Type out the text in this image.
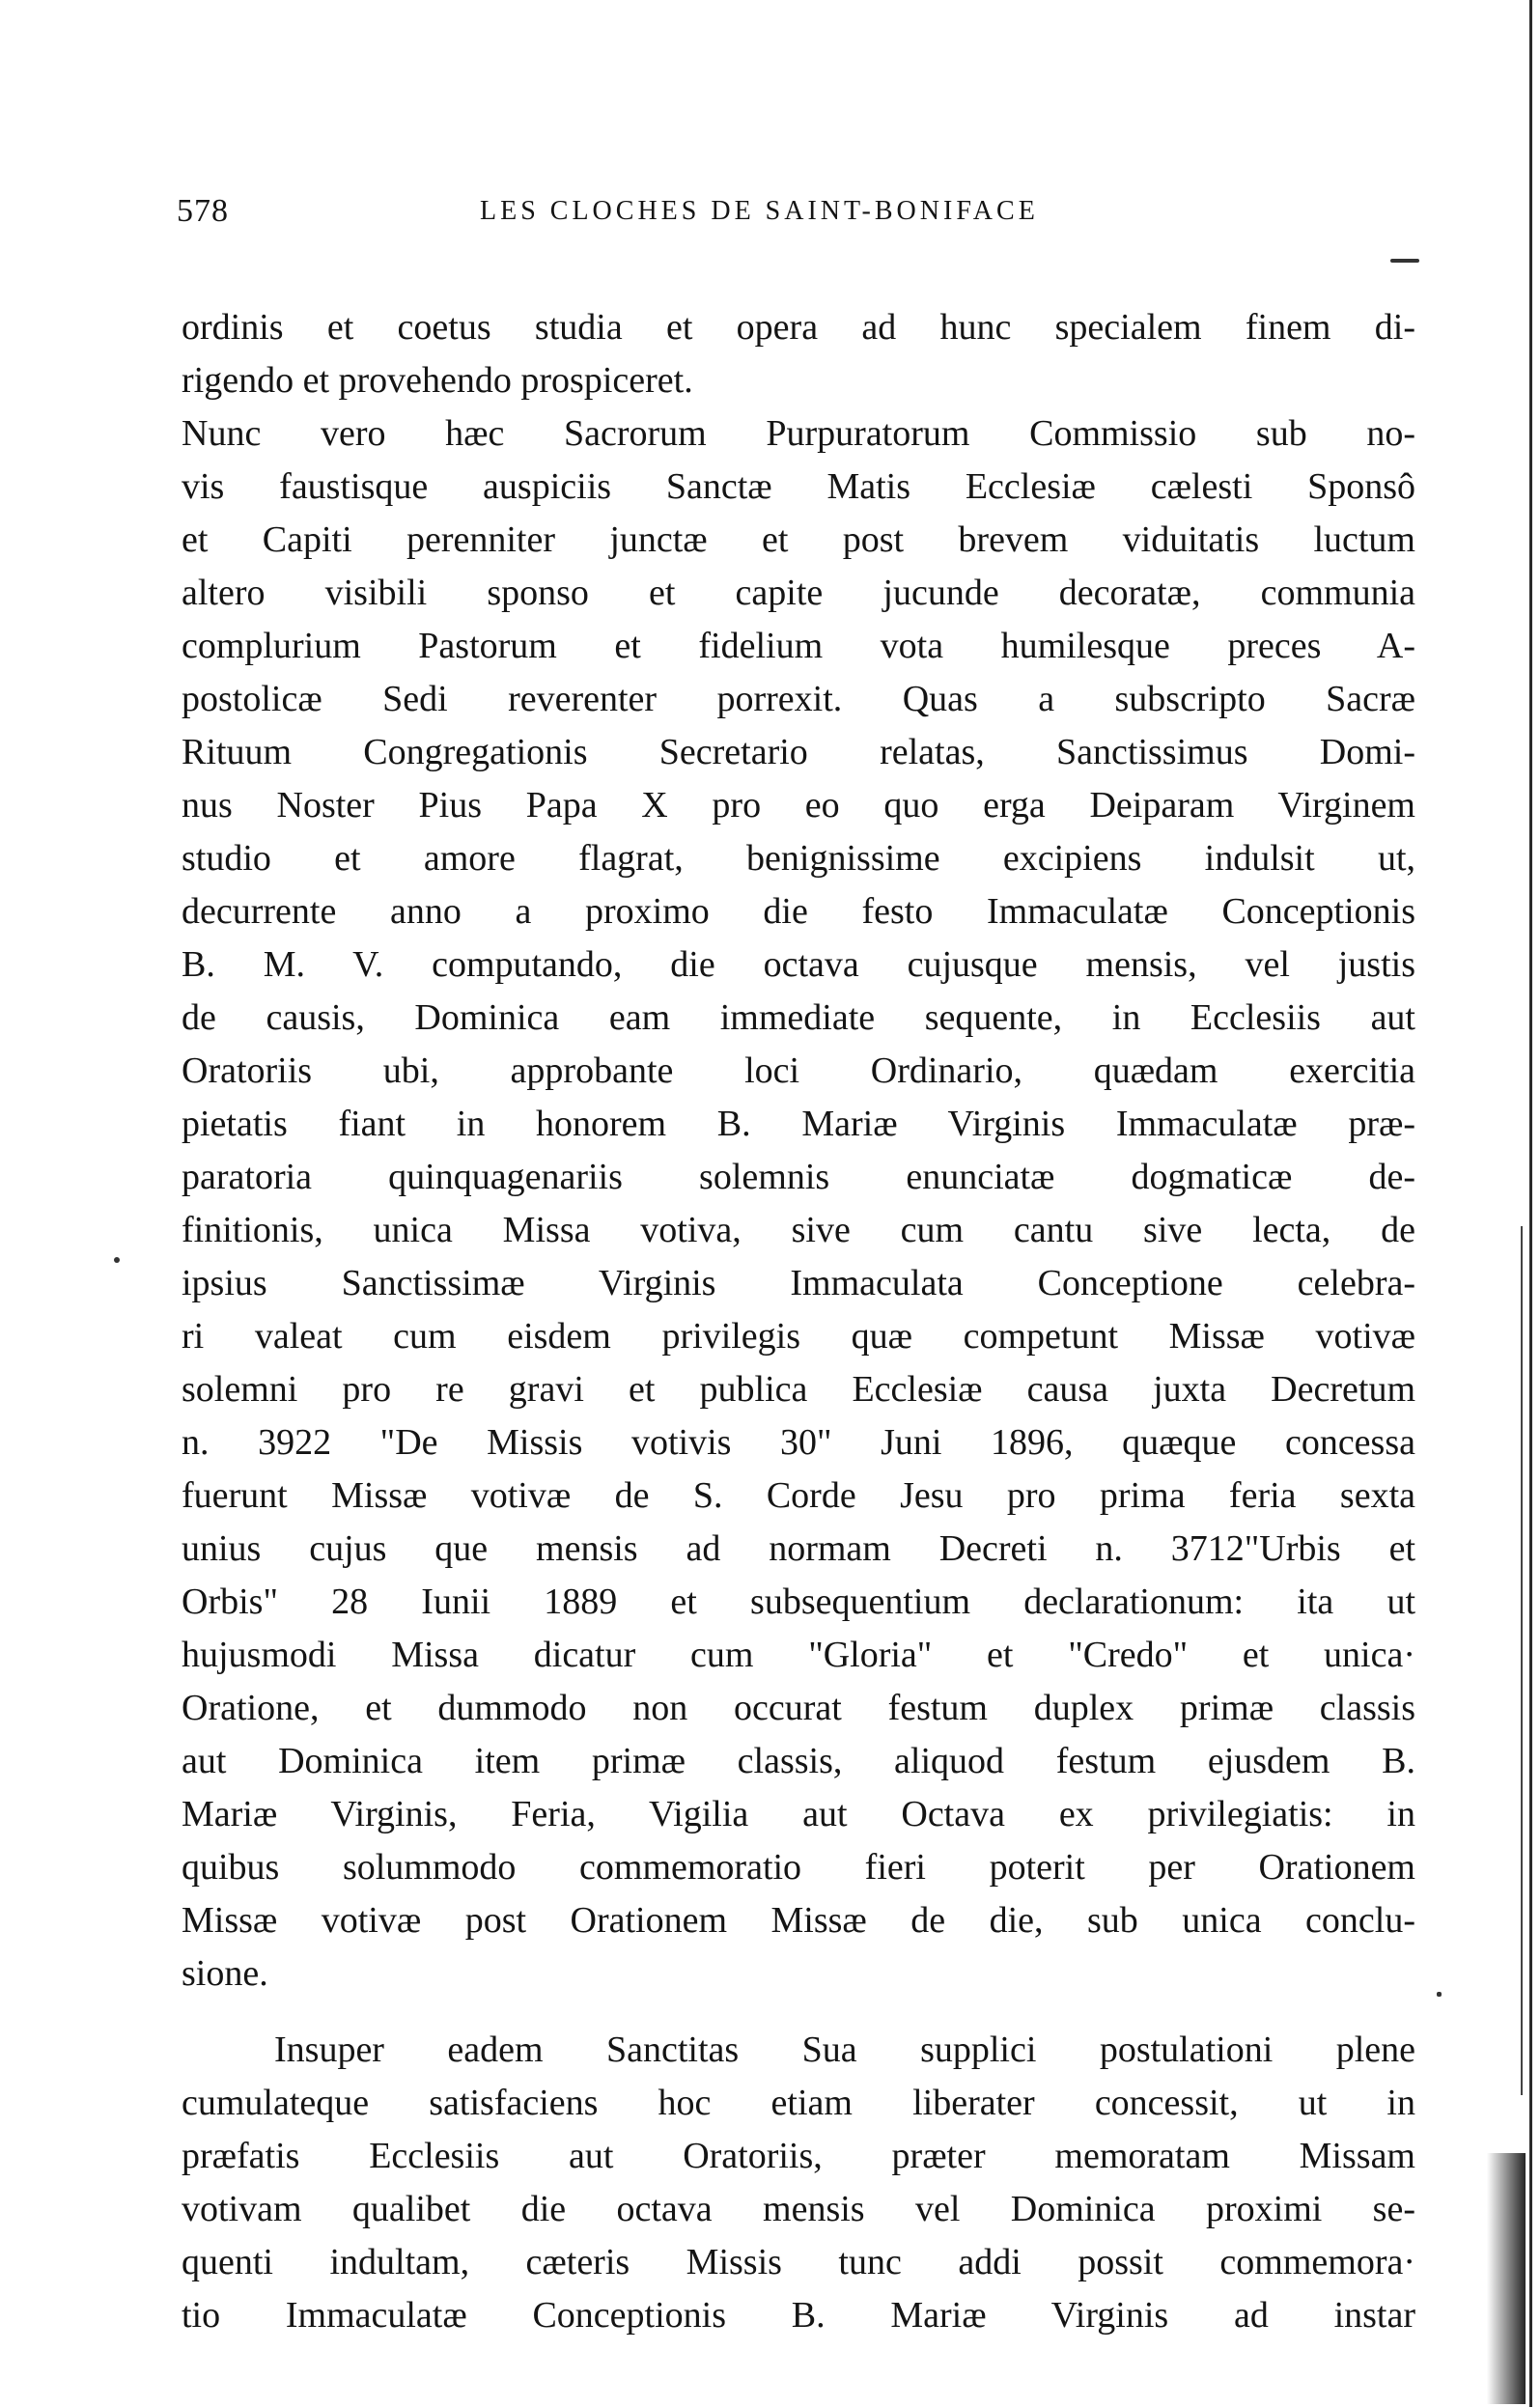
578	LES CLOCHES DE SAINT-BONIFACE
ordinis et coetus studia et opera ad hunc specialem finem di-
rigendo et provehendo prospiceret.
Nunc vero hæc Sacrorum Purpuratorum Commissio sub no-
vis faustisque auspiciis Sanctæ Matis Ecclesiæ cælesti Sponsô
et Capiti perenniter junctæ et post brevem viduitatis luctum
altero visibili sponso et capite jucunde decoratæ, communia
complurium Pastorum et fidelium vota humilesque preces A-
postolicæ Sedi reverenter porrexit. Quas a subscripto Sacræ
Rituum Congregationis Secretario relatas, Sanctissimus Domi-
nus Noster Pius Papa X pro eo quo erga Deiparam Virginem
studio et amore flagrat, benignissime excipiens indulsit ut,
decurrente anno a proximo die festo Immaculatæ Conceptionis
B. M. V. computando, die octava cujusque mensis, vel justis
de causis, Dominica eam immediate sequente, in Ecclesiis aut
Oratoriis ubi, approbante loci Ordinario, quædam exercitia
pietatis fiant in honorem B. Mariæ Virginis Immaculatæ præ-
paratoria quinquagenariis solemnis enunciatæ dogmaticæ de-
finitionis, unica Missa votiva, sive cum cantu sive lecta, de
ipsius Sanctissimæ Virginis Immaculata Conceptione celebra-
ri valeat cum eisdem privilegis quæ competunt Missæ votivæ
solemni pro re gravi et publica Ecclesiæ causa juxta Decretum
n. 3922 "De Missis votivis 30" Juni 1896, quæque concessa
fuerunt Missæ votivæ de S. Corde Jesu pro prima feria sexta
unius cujus que mensis ad normam Decreti n. 3712"Urbis et
Orbis" 28 Iunii 1889 et subsequentium declarationum: ita ut
hujusmodi Missa dicatur cum "Gloria" et "Credo" et unica·
Oratione, et dummodo non occurat festum duplex primæ classis
aut Dominica item primæ classis, aliquod festum ejusdem B.
Mariæ Virginis, Feria, Vigilia aut Octava ex privilegiatis: in
quibus solummodo commemoratio fieri poterit per Orationem
Missæ votivæ post Orationem Missæ de die, sub unica conclu-
sione.
Insuper eadem Sanctitas Sua supplici postulationi plene
cumulateque satisfaciens hoc etiam liberater concessit, ut in
præfatis Ecclesiis aut Oratoriis, præter memoratam Missam
votivam qualibet die octava mensis vel Dominica proximi se-
quenti indultam, cæteris Missis tunc addi possit commemora·
tio Immaculatæ Conceptionis B. Mariæ Virginis ad instar
